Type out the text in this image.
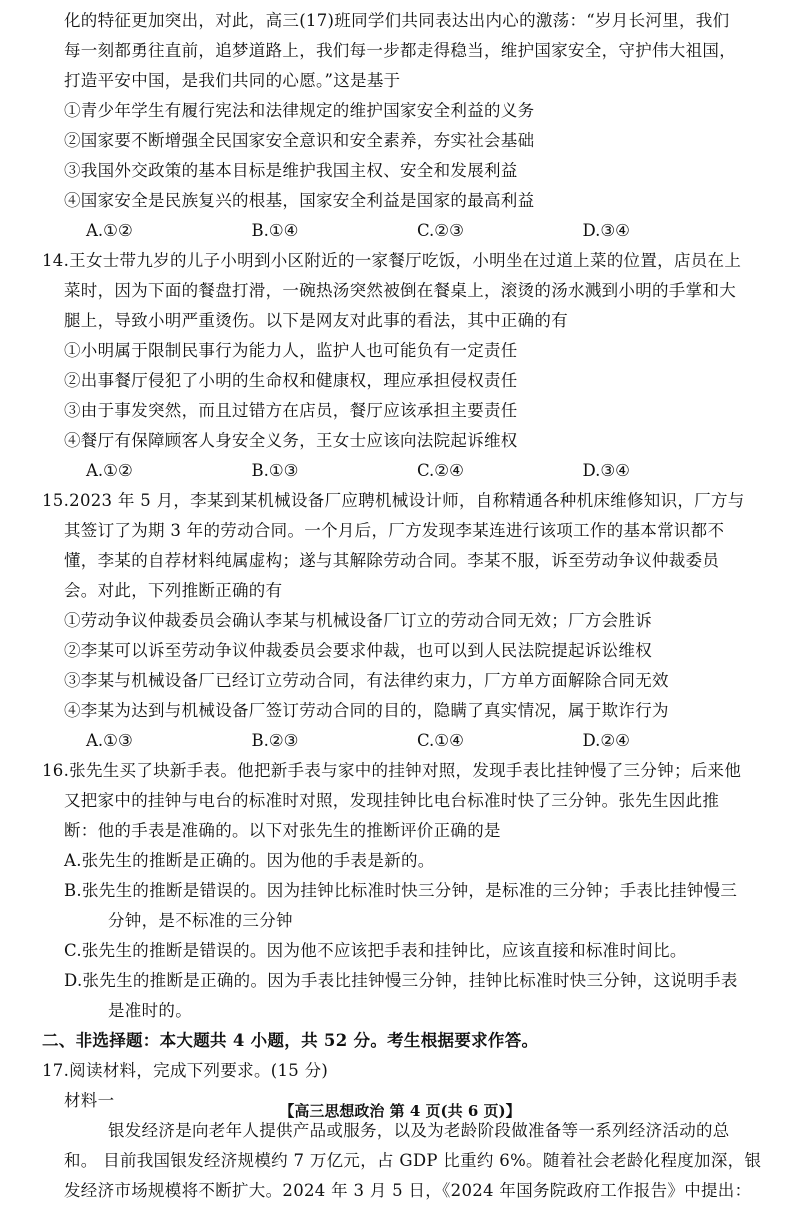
化的特征更加突出，对此，高三(17)班同学们共同表达出内心的激荡：“岁月长河里，我们
每一刻都勇往直前，追梦道路上，我们每一步都走得稳当，维护国家安全，守护伟大祖国，
打造平安中国，是我们共同的心愿。”这是基于
①青少年学生有履行宪法和法律规定的维护国家安全利益的义务
②国家要不断增强全民国家安全意识和安全素养，夯实社会基础
③我国外交政策的基本目标是维护我国主权、安全和发展利益
④国家安全是民族复兴的根基，国家安全利益是国家的最高利益
A.①②	B.①④	C.②③	D.③④
14.王女士带九岁的儿子小明到小区附近的一家餐厅吃饭，小明坐在过道上菜的位置，店员在上
菜时，因为下面的餐盘打滑，一碗热汤突然被倒在餐桌上，滚烫的汤水溅到小明的手掌和大
腿上，导致小明严重烫伤。以下是网友对此事的看法，其中正确的有
①小明属于限制民事行为能力人，监护人也可能负有一定责任
②出事餐厅侵犯了小明的生命权和健康权，理应承担侵权责任
③由于事发突然，而且过错方在店员，餐厅应该承担主要责任
④餐厅有保障顾客人身安全义务，王女士应该向法院起诉维权
A.①②	B.①③	C.②④	D.③④
15.2023 年 5 月，李某到某机械设备厂应聘机械设计师，自称精通各种机床维修知识，厂方与
其签订了为期 3 年的劳动合同。一个月后，厂方发现李某连进行该项工作的基本常识都不
懂，李某的自荐材料纯属虚构；遂与其解除劳动合同。李某不服，诉至劳动争议仲裁委员
会。对此，下列推断正确的有
①劳动争议仲裁委员会确认李某与机械设备厂订立的劳动合同无效；厂方会胜诉
②李某可以诉至劳动争议仲裁委员会要求仲裁，也可以到人民法院提起诉讼维权
③李某与机械设备厂已经订立劳动合同，有法律约束力，厂方单方面解除合同无效
④李某为达到与机械设备厂签订劳动合同的目的，隐瞒了真实情况，属于欺诈行为
A.①③	B.②③	C.①④	D.②④
16.张先生买了块新手表。他把新手表与家中的挂钟对照，发现手表比挂钟慢了三分钟；后来他
又把家中的挂钟与电台的标准时对照，发现挂钟比电台标准时快了三分钟。张先生因此推
断：他的手表是准确的。以下对张先生的推断评价正确的是
A.张先生的推断是正确的。因为他的手表是新的。
B.张先生的推断是错误的。因为挂钟比标准时快三分钟，是标准的三分钟；手表比挂钟慢三
分钟，是不标准的三分钟
C.张先生的推断是错误的。因为他不应该把手表和挂钟比，应该直接和标准时间比。
D.张先生的推断是正确的。因为手表比挂钟慢三分钟，挂钟比标准时快三分钟，这说明手表
是准时的。
二、非选择题：本大题共 4 小题，共 52 分。考生根据要求作答。
17.阅读材料，完成下列要求。(15 分)
材料一
银发经济是向老年人提供产品或服务，以及为老龄阶段做准备等一系列经济活动的总
和。 目前我国银发经济规模约 7 万亿元，占 GDP 比重约 6%。随着社会老龄化程度加深，银
发经济市场规模将不断扩大。2024 年 3 月 5 日，《2024 年国务院政府工作报告》中提出：
【高三思想政治 第 4 页(共 6 页)】
